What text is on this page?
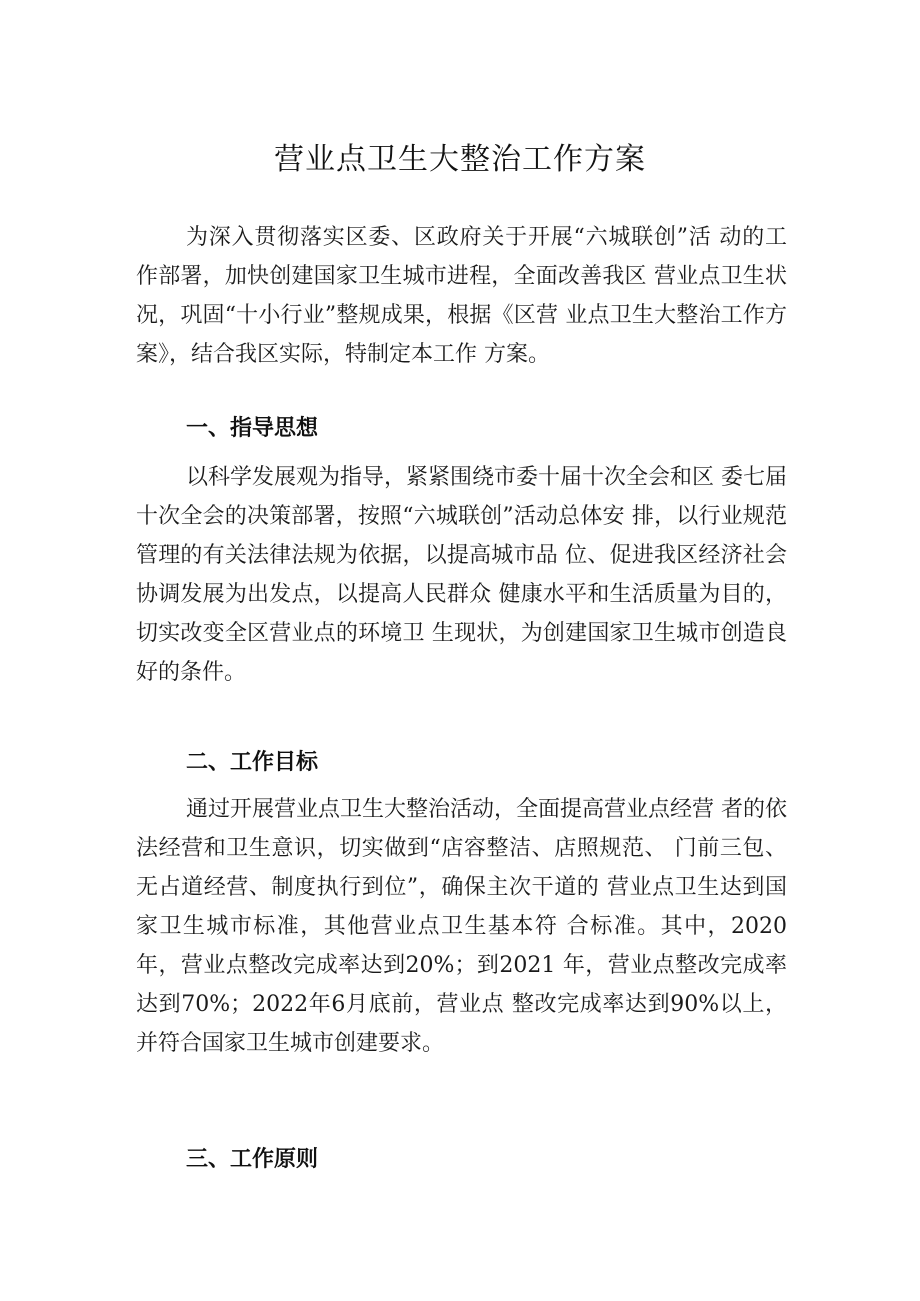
营业点卫生大整治工作方案

为深入贯彻落实区委、区政府关于开展“六城联创”活 动的工作部署，加快创建国家卫生城市进程，全面改善我区 营业点卫生状况，巩固“十小行业”整规成果，根据《区营 业点卫生大整治工作方案》，结合我区实际，特制定本工作 方案。

一、指导思想

以科学发展观为指导，紧紧围绕市委十届十次全会和区 委七届十次全会的决策部署，按照“六城联创”活动总体安 排，以行业规范管理的有关法律法规为依据，以提高城市品 位、促进我区经济社会协调发展为出发点，以提高人民群众 健康水平和生活质量为目的，切实改变全区营业点的环境卫 生现状，为创建国家卫生城市创造良好的条件。

二、工作目标

通过开展营业点卫生大整治活动，全面提高营业点经营 者的依法经营和卫生意识，切实做到“店容整洁、店照规范、 门前三包、无占道经营、制度执行到位”，确保主次干道的 营业点卫生达到国家卫生城市标准，其他营业点卫生基本符 合标准。其中，2020年，营业点整改完成率达到20%；到2021 年，营业点整改完成率达到70%；2022年6月底前，营业点 整改完成率达到90%以上，并符合国家卫生城市创建要求。

三、工作原则
